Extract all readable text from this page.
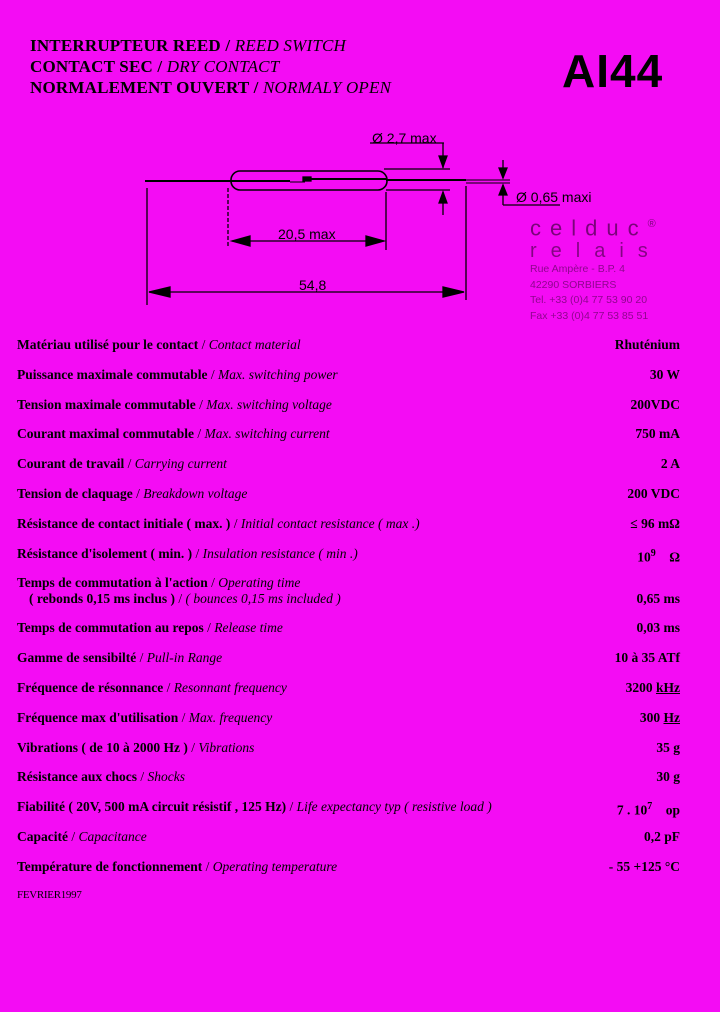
INTERRUPTEUR REED / REED SWITCH
CONTACT SEC / DRY CONTACT
NORMALEMENT OUVERT / NORMALY OPEN	AI44
Ø 2,7 max
Ø 0,65 maxi
20,5 max
54,8
celduc®
relais
Rue Ampère - B.P. 4
42290 SORBIERS
Tel. +33 (0)4 77 53 90 20
Fax +33 (0)4 77 53 85 51
Matériau utilisé pour le contact / Contact material	Rhuténium
Puissance maximale commutable / Max. switching power	30 W
Tension maximale commutable / Max. switching voltage	200VDC
Courant maximal commutable / Max. switching current	750 mA
Courant de travail / Carrying current	2 A
Tension de claquage / Breakdown voltage	200 VDC
Résistance de contact initiale ( max. ) / Initial contact resistance ( max .)	≤ 96 mΩ
Résistance d'isolement ( min. ) / Insulation resistance ( min .)	$10^9$ Ω
Temps de commutation à l'action / Operating time
( rebonds 0,15 ms inclus ) / ( bounces 0,15 ms included )	0,65 ms
Temps de commutation au repos / Release time	0,03 ms
Gamme de sensibilté / Pull-in Range	10 à 35 ATf
Fréquence de résonnance / Resonnant frequency	3200 kHz
Fréquence max d'utilisation / Max. frequency	300 Hz
Vibrations ( de 10 à 2000 Hz ) / Vibrations	35 g
Résistance aux chocs / Shocks	30 g
Fiabilité ( 20V, 500 mA circuit résistif , 125 Hz) / Life expectancy typ ( resistive load )	7 . $10^7$ op
Capacité / Capacitance	0,2 pF
Température de fonctionnement / Operating temperature	- 55 +125 °C
FEVRIER1997
